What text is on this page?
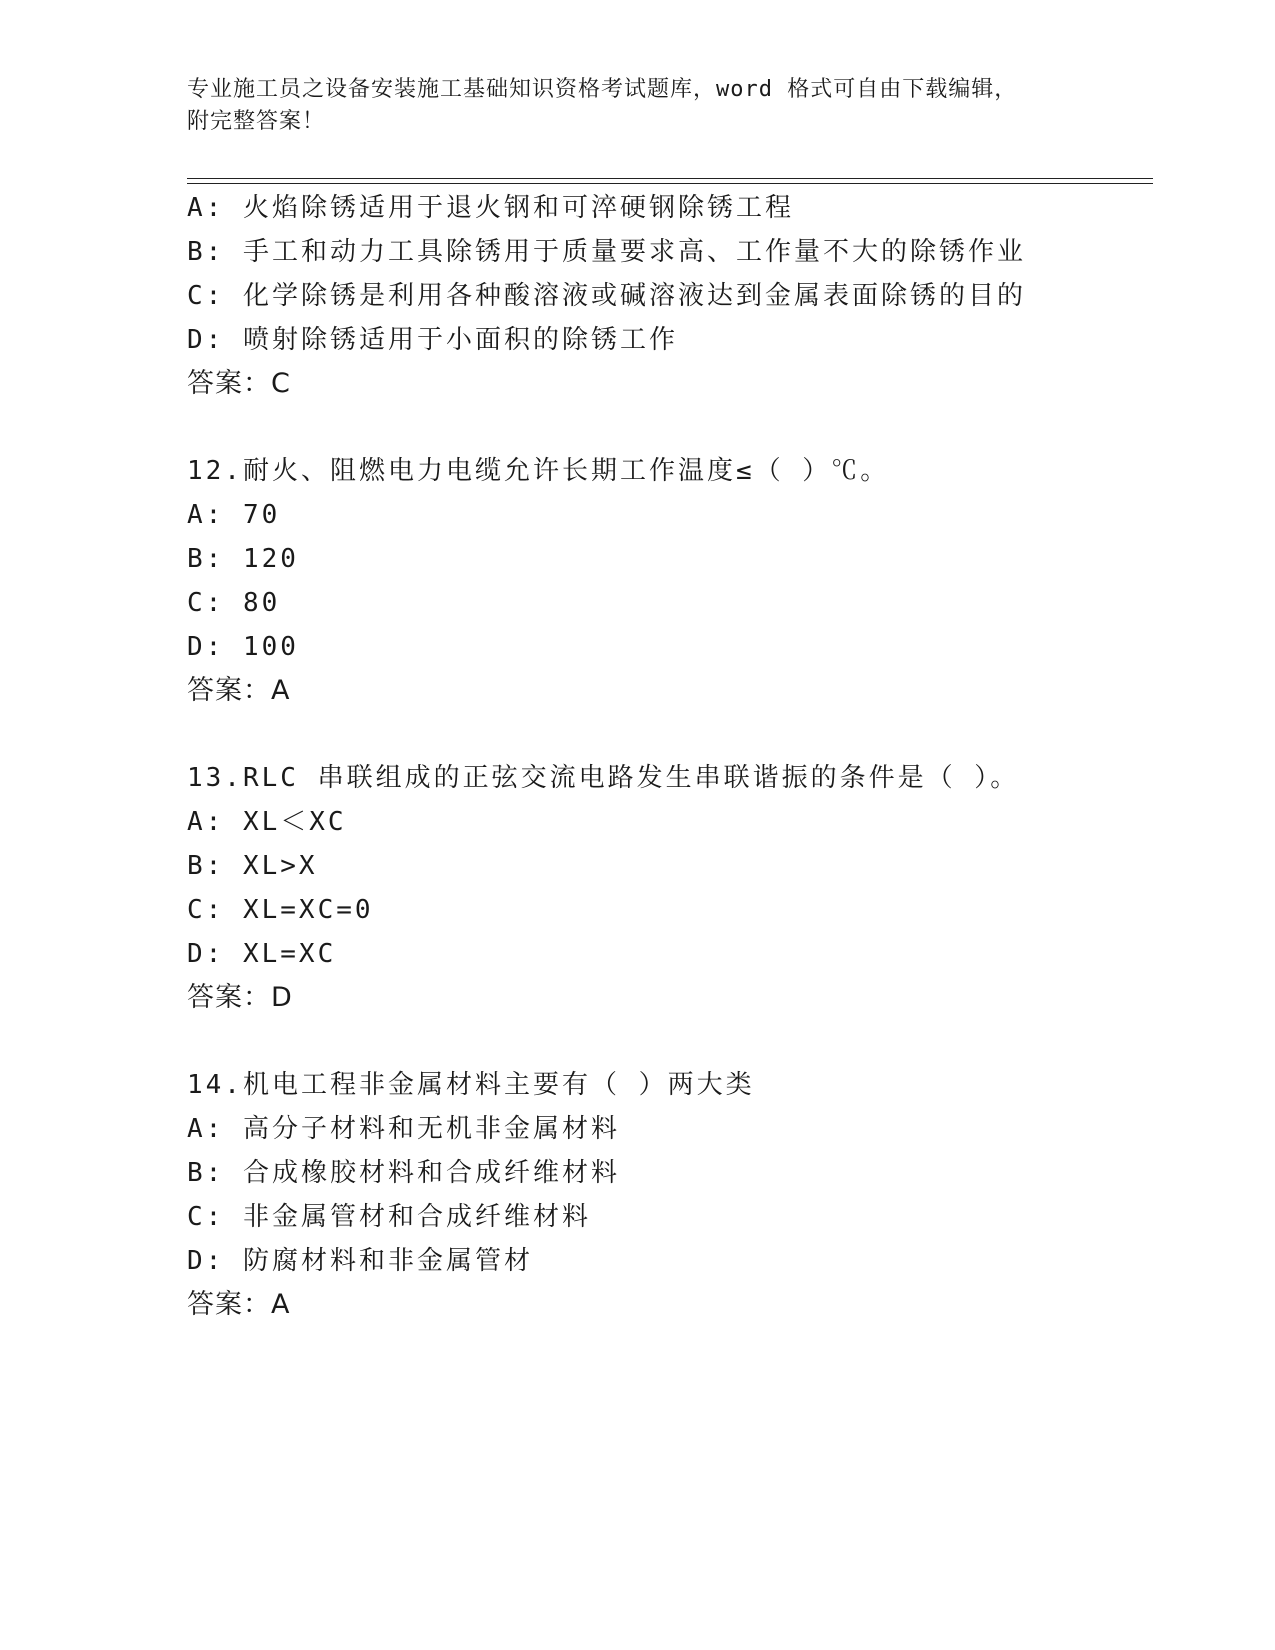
专业施工员之设备安装施工基础知识资格考试题库，word 格式可自由下载编辑，
附完整答案！
A: 火焰除锈适用于退火钢和可淬硬钢除锈工程
B: 手工和动力工具除锈用于质量要求高、工作量不大的除锈作业
C: 化学除锈是利用各种酸溶液或碱溶液达到金属表面除锈的目的
D: 喷射除锈适用于小面积的除锈工作
答案：C
12.耐火、阻燃电力电缆允许长期工作温度≤（ ）℃。
A: 70
B: 120
C: 80
D: 100
答案：A
13.RLC 串联组成的正弦交流电路发生串联谐振的条件是（ ）。
A: XL＜XC
B: XL>X
C: XL=XC=0
D: XL=XC
答案：D
14.机电工程非金属材料主要有（ ）两大类
A: 高分子材料和无机非金属材料
B: 合成橡胶材料和合成纤维材料
C: 非金属管材和合成纤维材料
D: 防腐材料和非金属管材
答案：A
